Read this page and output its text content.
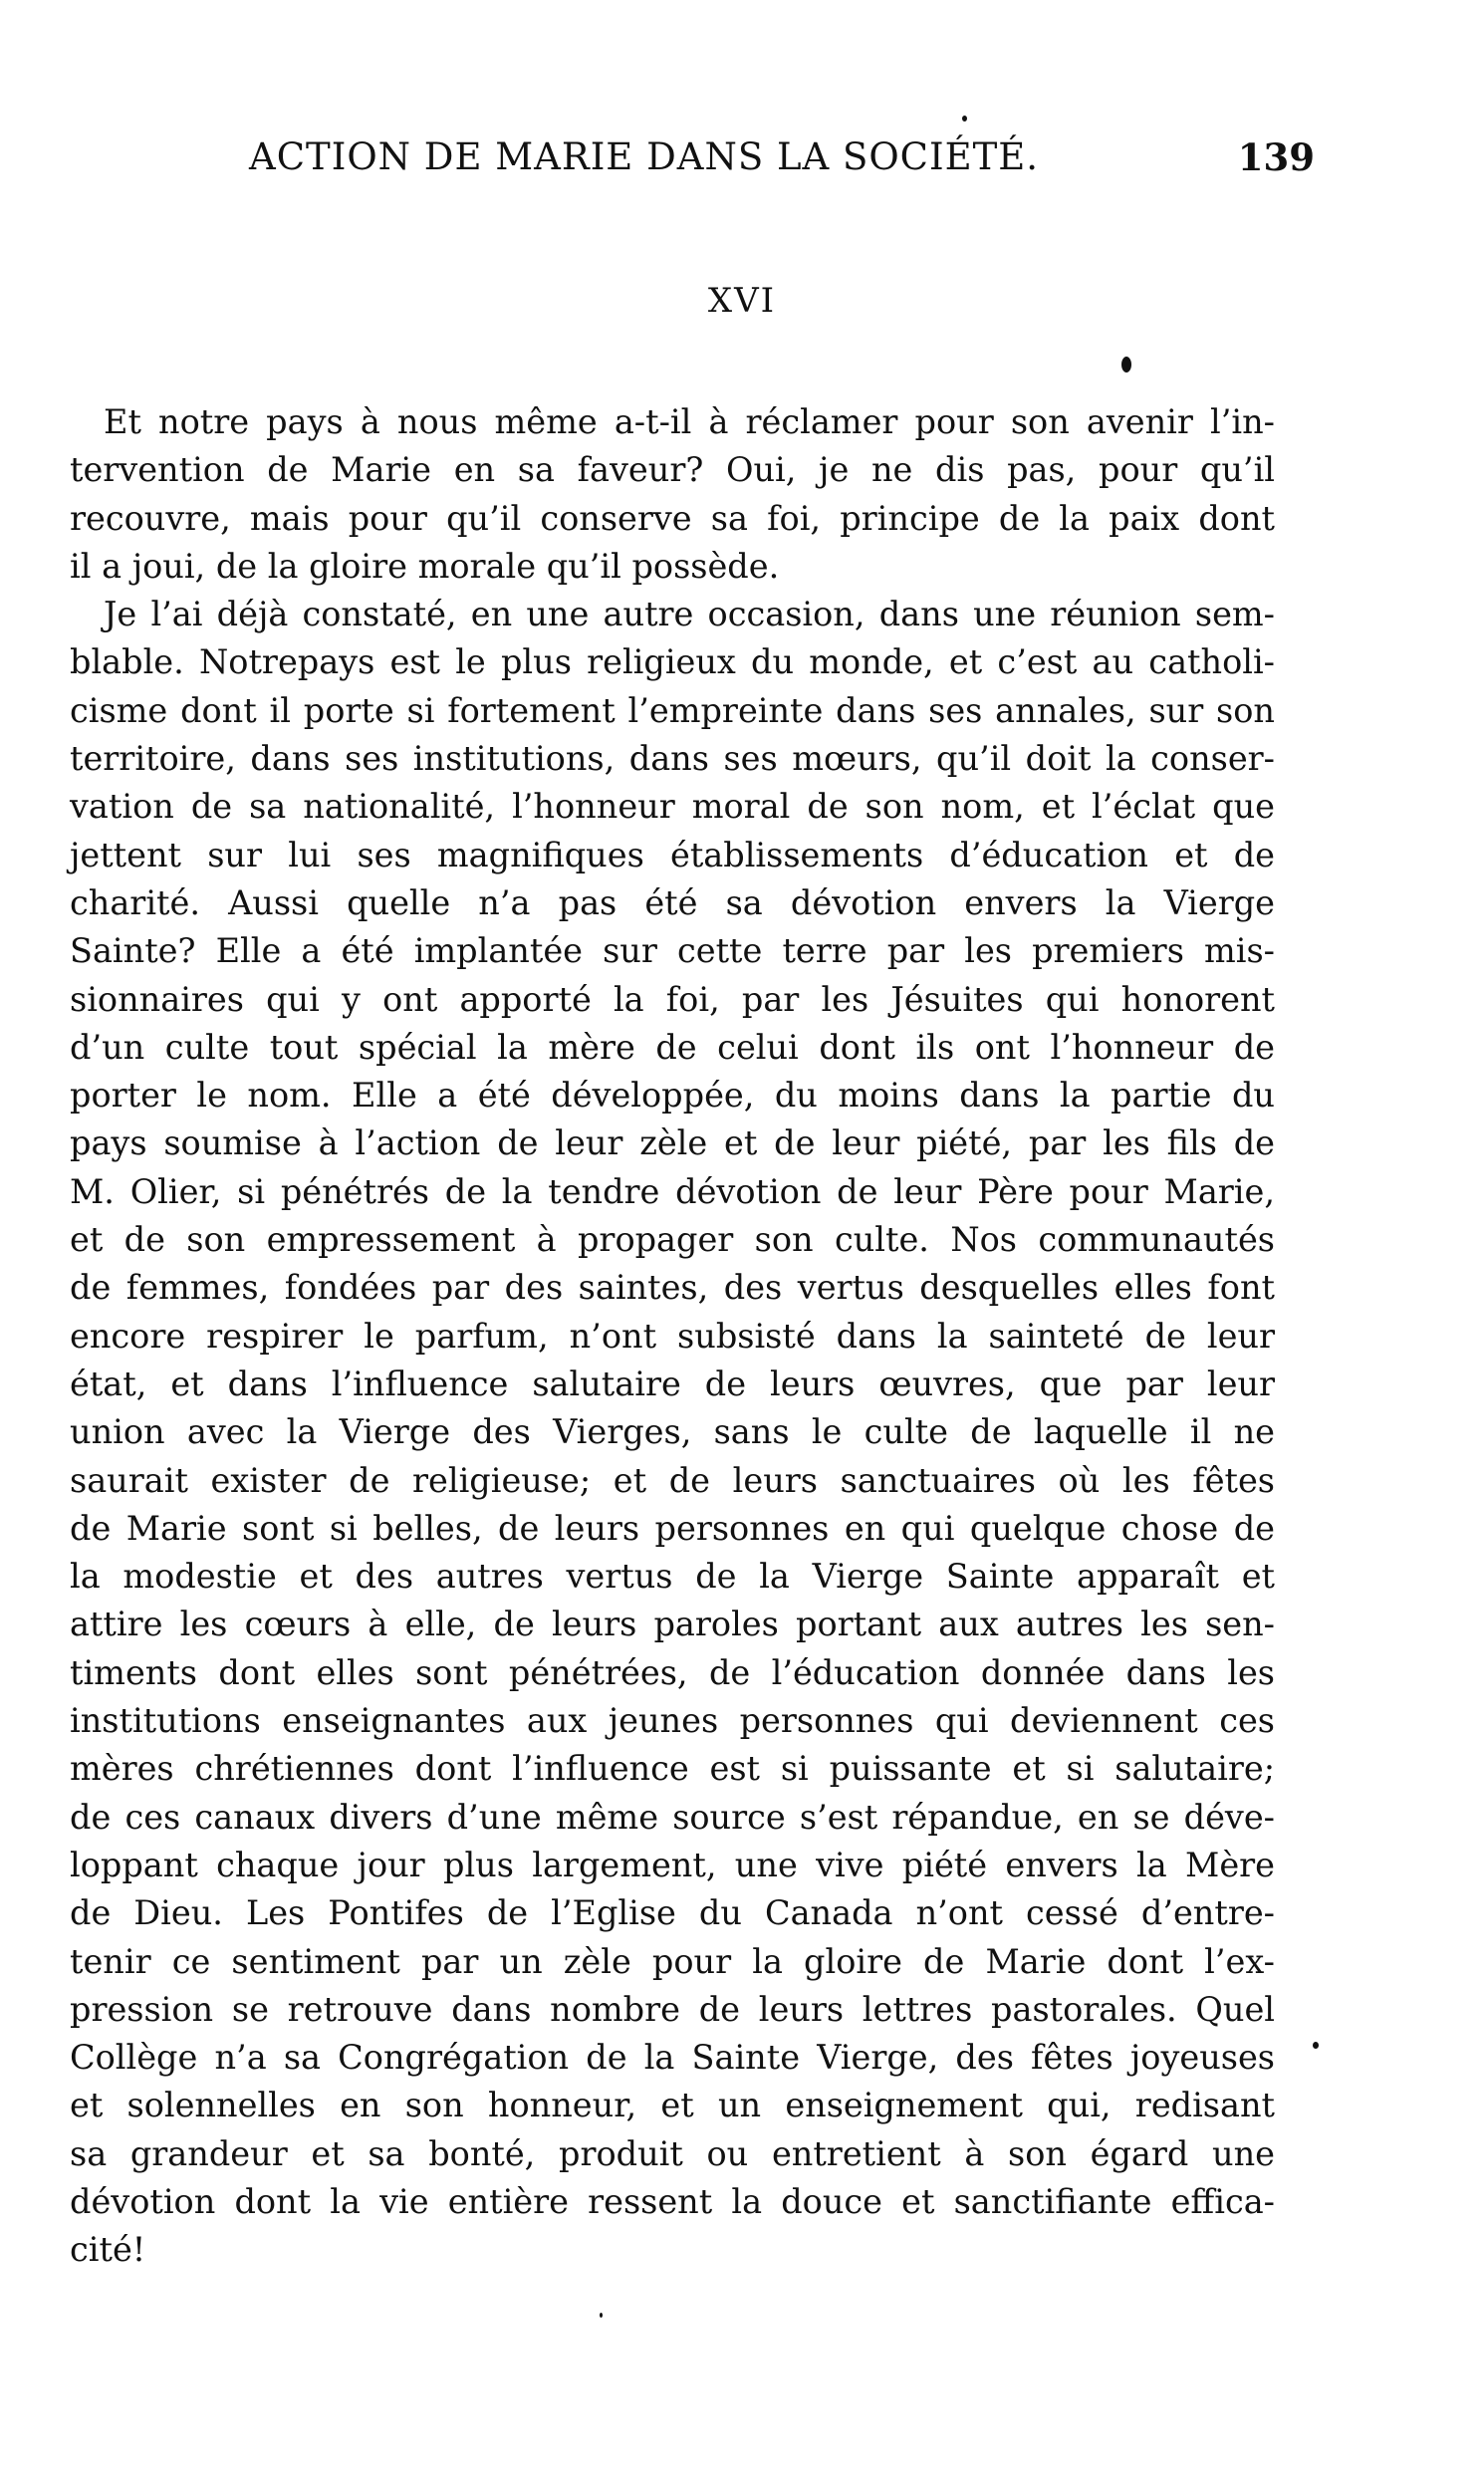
ACTION DE MARIE DANS LA SOCIÉTÉ.	139
XVI
Et notre pays à nous même a-t-il à réclamer pour son avenir l’in-
tervention de Marie en sa faveur? Oui, je ne dis pas, pour qu’il
recouvre, mais pour qu’il conserve sa foi, principe de la paix dont
il a joui, de la gloire morale qu’il possède.
Je l’ai déjà constaté, en une autre occasion, dans une réunion sem-
blable. Notrepays est le plus religieux du monde, et c’est au catholi-
cisme dont il porte si fortement l’empreinte dans ses annales, sur son
territoire, dans ses institutions, dans ses mœurs, qu’il doit la conser-
vation de sa nationalité, l’honneur moral de son nom, et l’éclat que
jettent sur lui ses magnifiques établissements d’éducation et de
charité. Aussi quelle n’a pas été sa dévotion envers la Vierge
Sainte? Elle a été implantée sur cette terre par les premiers mis-
sionnaires qui y ont apporté la foi, par les Jésuites qui honorent
d’un culte tout spécial la mère de celui dont ils ont l’honneur de
porter le nom. Elle a été développée, du moins dans la partie du
pays soumise à l’action de leur zèle et de leur piété, par les fils de
M. Olier, si pénétrés de la tendre dévotion de leur Père pour Marie,
et de son empressement à propager son culte. Nos communautés
de femmes, fondées par des saintes, des vertus desquelles elles font
encore respirer le parfum, n’ont subsisté dans la sainteté de leur
état, et dans l’influence salutaire de leurs œuvres, que par leur
union avec la Vierge des Vierges, sans le culte de laquelle il ne
saurait exister de religieuse; et de leurs sanctuaires où les fêtes
de Marie sont si belles, de leurs personnes en qui quelque chose de
la modestie et des autres vertus de la Vierge Sainte apparaît et
attire les cœurs à elle, de leurs paroles portant aux autres les sen-
timents dont elles sont pénétrées, de l’éducation donnée dans les
institutions enseignantes aux jeunes personnes qui deviennent ces
mères chrétiennes dont l’influence est si puissante et si salutaire;
de ces canaux divers d’une même source s’est répandue, en se déve-
loppant chaque jour plus largement, une vive piété envers la Mère
de Dieu. Les Pontifes de l’Eglise du Canada n’ont cessé d’entre-
tenir ce sentiment par un zèle pour la gloire de Marie dont l’ex-
pression se retrouve dans nombre de leurs lettres pastorales. Quel
Collège n’a sa Congrégation de la Sainte Vierge, des fêtes joyeuses
et solennelles en son honneur, et un enseignement qui, redisant
sa grandeur et sa bonté, produit ou entretient à son égard une
dévotion dont la vie entière ressent la douce et sanctifiante effica-
cité!
